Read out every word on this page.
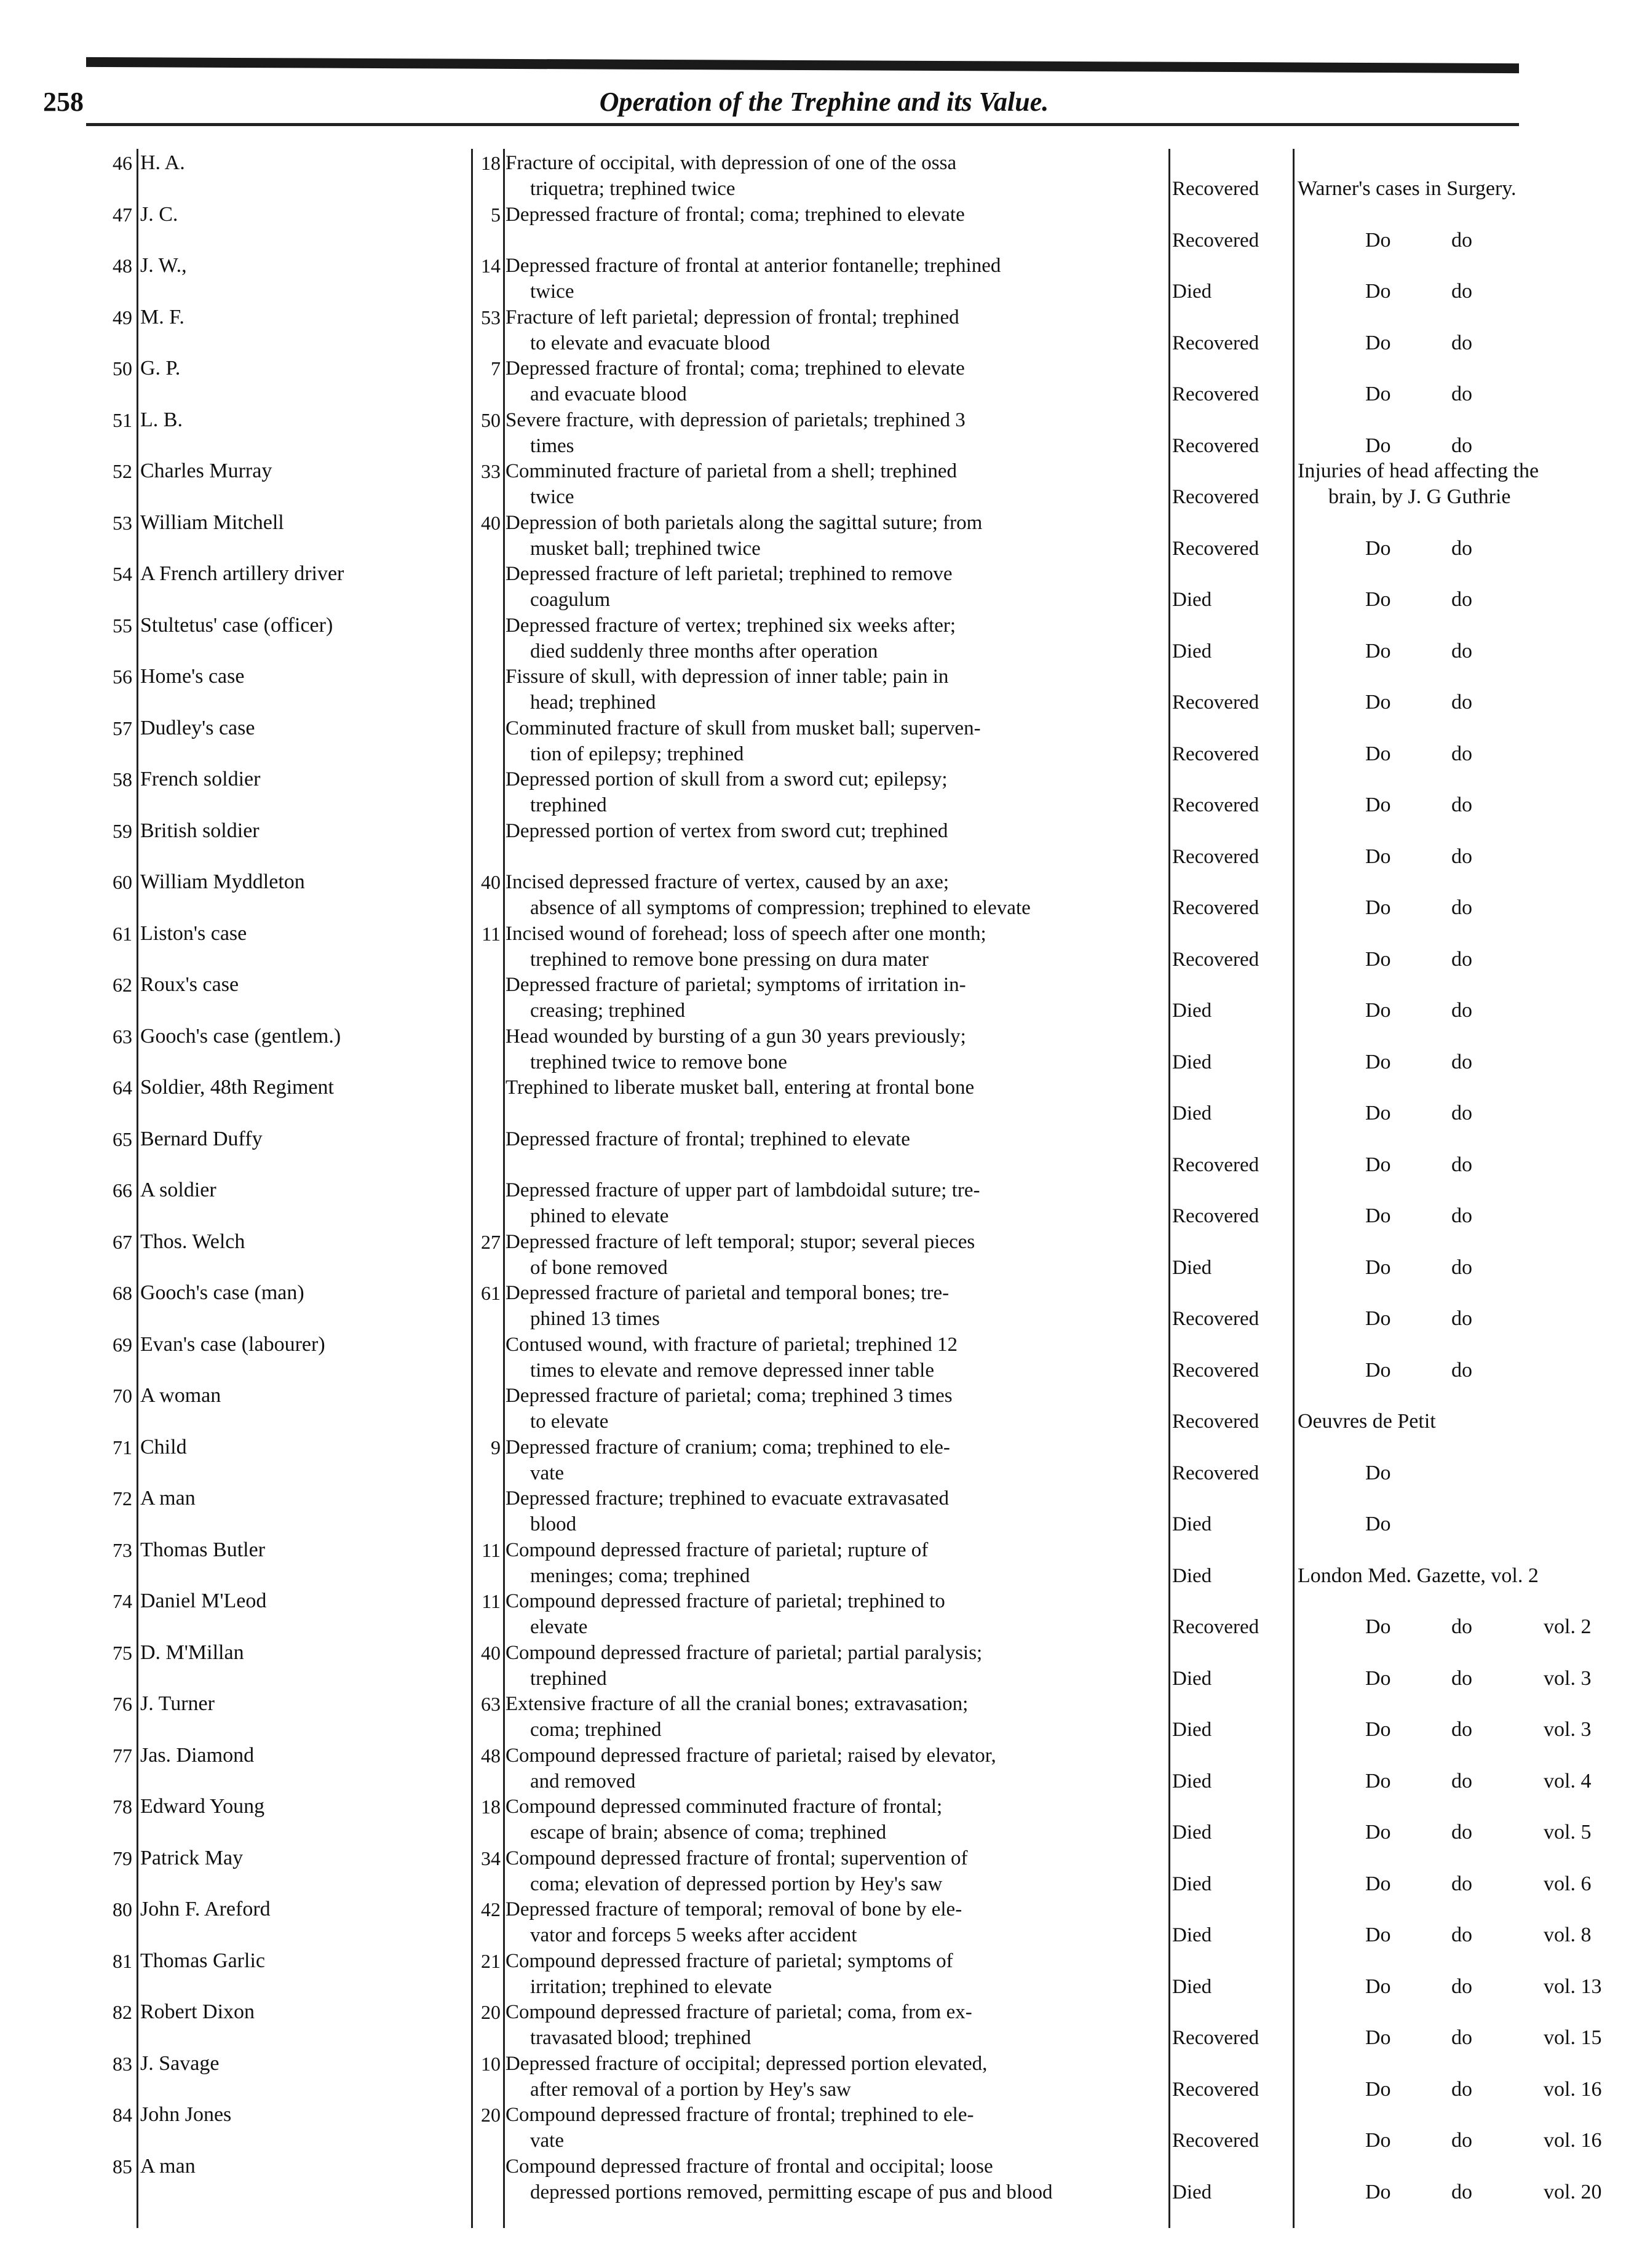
258	Operation of the Trephine and its Value.
46 H. A.	18 Fracture of occipital, with depression of one of the ossa
triquetra; trephined twice	Recovered	Warner's cases in Surgery.
47 J. C.	5 Depressed fracture of frontal; coma; trephined to elevate
Recovered	Do	do
48 J. W.,	14 Depressed fracture of frontal at anterior fontanelle; trephined
twice	Died	Do	do
49 M. F.	53 Fracture of left parietal; depression of frontal; trephined
to elevate and evacuate blood	Recovered	Do	do
50 G. P.	7 Depressed fracture of frontal; coma; trephined to elevate
and evacuate blood	Recovered	Do	do
51 L. B.	50 Severe fracture, with depression of parietals; trephined 3
times	Recovered	Do	do
52 Charles Murray	33 Comminuted fracture of parietal from a shell; trephined
twice	Recovered
Injuries of head affecting the
brain, by J. G Guthrie
53 William Mitchell	40 Depression of both parietals along the sagittal suture; from
musket ball; trephined twice	Recovered	Do	do
54 A French artillery driver	Depressed fracture of left parietal; trephined to remove
coagulum	Died	Do	do
55 Stultetus' case (officer)	Depressed fracture of vertex; trephined six weeks after;
died suddenly three months after operation	Died	Do	do
56 Home's case	Fissure of skull, with depression of inner table; pain in
head; trephined	Recovered	Do	do
57 Dudley's case	Comminuted fracture of skull from musket ball; superven-
tion of epilepsy; trephined	Recovered	Do	do
58 French soldier	Depressed portion of skull from a sword cut; epilepsy;
trephined	Recovered	Do	do
59 British soldier	Depressed portion of vertex from sword cut; trephined
Recovered	Do	do
60 William Myddleton	40 Incised depressed fracture of vertex, caused by an axe;
absence of all symptoms of compression; trephined to elevate	Recovered	Do	do
61 Liston's case	11 Incised wound of forehead; loss of speech after one month;
trephined to remove bone pressing on dura mater	Recovered	Do	do
62 Roux's case	Depressed fracture of parietal; symptoms of irritation in-
creasing; trephined	Died	Do	do
63 Gooch's case (gentlem.)	Head wounded by bursting of a gun 30 years previously;
trephined twice to remove bone	Died	Do	do
64 Soldier, 48th Regiment	Trephined to liberate musket ball, entering at frontal bone
Died	Do	do
65 Bernard Duffy	Depressed fracture of frontal; trephined to elevate
Recovered	Do	do
66 A soldier	Depressed fracture of upper part of lambdoidal suture; tre-
phined to elevate	Recovered	Do	do
67 Thos. Welch	27 Depressed fracture of left temporal; stupor; several pieces
of bone removed	Died	Do	do
68 Gooch's case (man)	61 Depressed fracture of parietal and temporal bones; tre-
phined 13 times	Recovered	Do	do
69 Evan's case (labourer)	Contused wound, with fracture of parietal; trephined 12
times to elevate and remove depressed inner table	Recovered	Do	do
70 A woman	Depressed fracture of parietal; coma; trephined 3 times
to elevate	Recovered	Oeuvres de Petit
71 Child	9 Depressed fracture of cranium; coma; trephined to ele-
vate	Recovered	Do
72 A man	Depressed fracture; trephined to evacuate extravasated
blood	Died	Do
73 Thomas Butler	11 Compound depressed fracture of parietal; rupture of
meninges; coma; trephined	Died	London Med. Gazette, vol. 2
74 Daniel M'Leod	11 Compound depressed fracture of parietal; trephined to
elevate	Recovered	Do	do	vol. 2
75 D. M'Millan	40 Compound depressed fracture of parietal; partial paralysis;
trephined	Died	Do	do	vol. 3
76 J. Turner	63 Extensive fracture of all the cranial bones; extravasation;
coma; trephined	Died	Do	do	vol. 3
77 Jas. Diamond	48 Compound depressed fracture of parietal; raised by elevator,
and removed	Died	Do	do	vol. 4
78 Edward Young	18 Compound depressed comminuted fracture of frontal;
escape of brain; absence of coma; trephined	Died	Do	do	vol. 5
79 Patrick May	34 Compound depressed fracture of frontal; supervention of
coma; elevation of depressed portion by Hey's saw	Died	Do	do	vol. 6
80 John F. Areford	42 Depressed fracture of temporal; removal of bone by ele-
vator and forceps 5 weeks after accident	Died	Do	do	vol. 8
81 Thomas Garlic	21 Compound depressed fracture of parietal; symptoms of
irritation; trephined to elevate	Died	Do	do	vol. 13
82 Robert Dixon	20 Compound depressed fracture of parietal; coma, from ex-
travasated blood; trephined	Recovered	Do	do	vol. 15
83 J. Savage	10 Depressed fracture of occipital; depressed portion elevated,
after removal of a portion by Hey's saw	Recovered	Do	do	vol. 16
84 John Jones	20 Compound depressed fracture of frontal; trephined to ele-
vate	Recovered	Do	do	vol. 16
85 A man	Compound depressed fracture of frontal and occipital; loose
depressed portions removed, permitting escape of pus and blood	Died	Do	do	vol. 20
